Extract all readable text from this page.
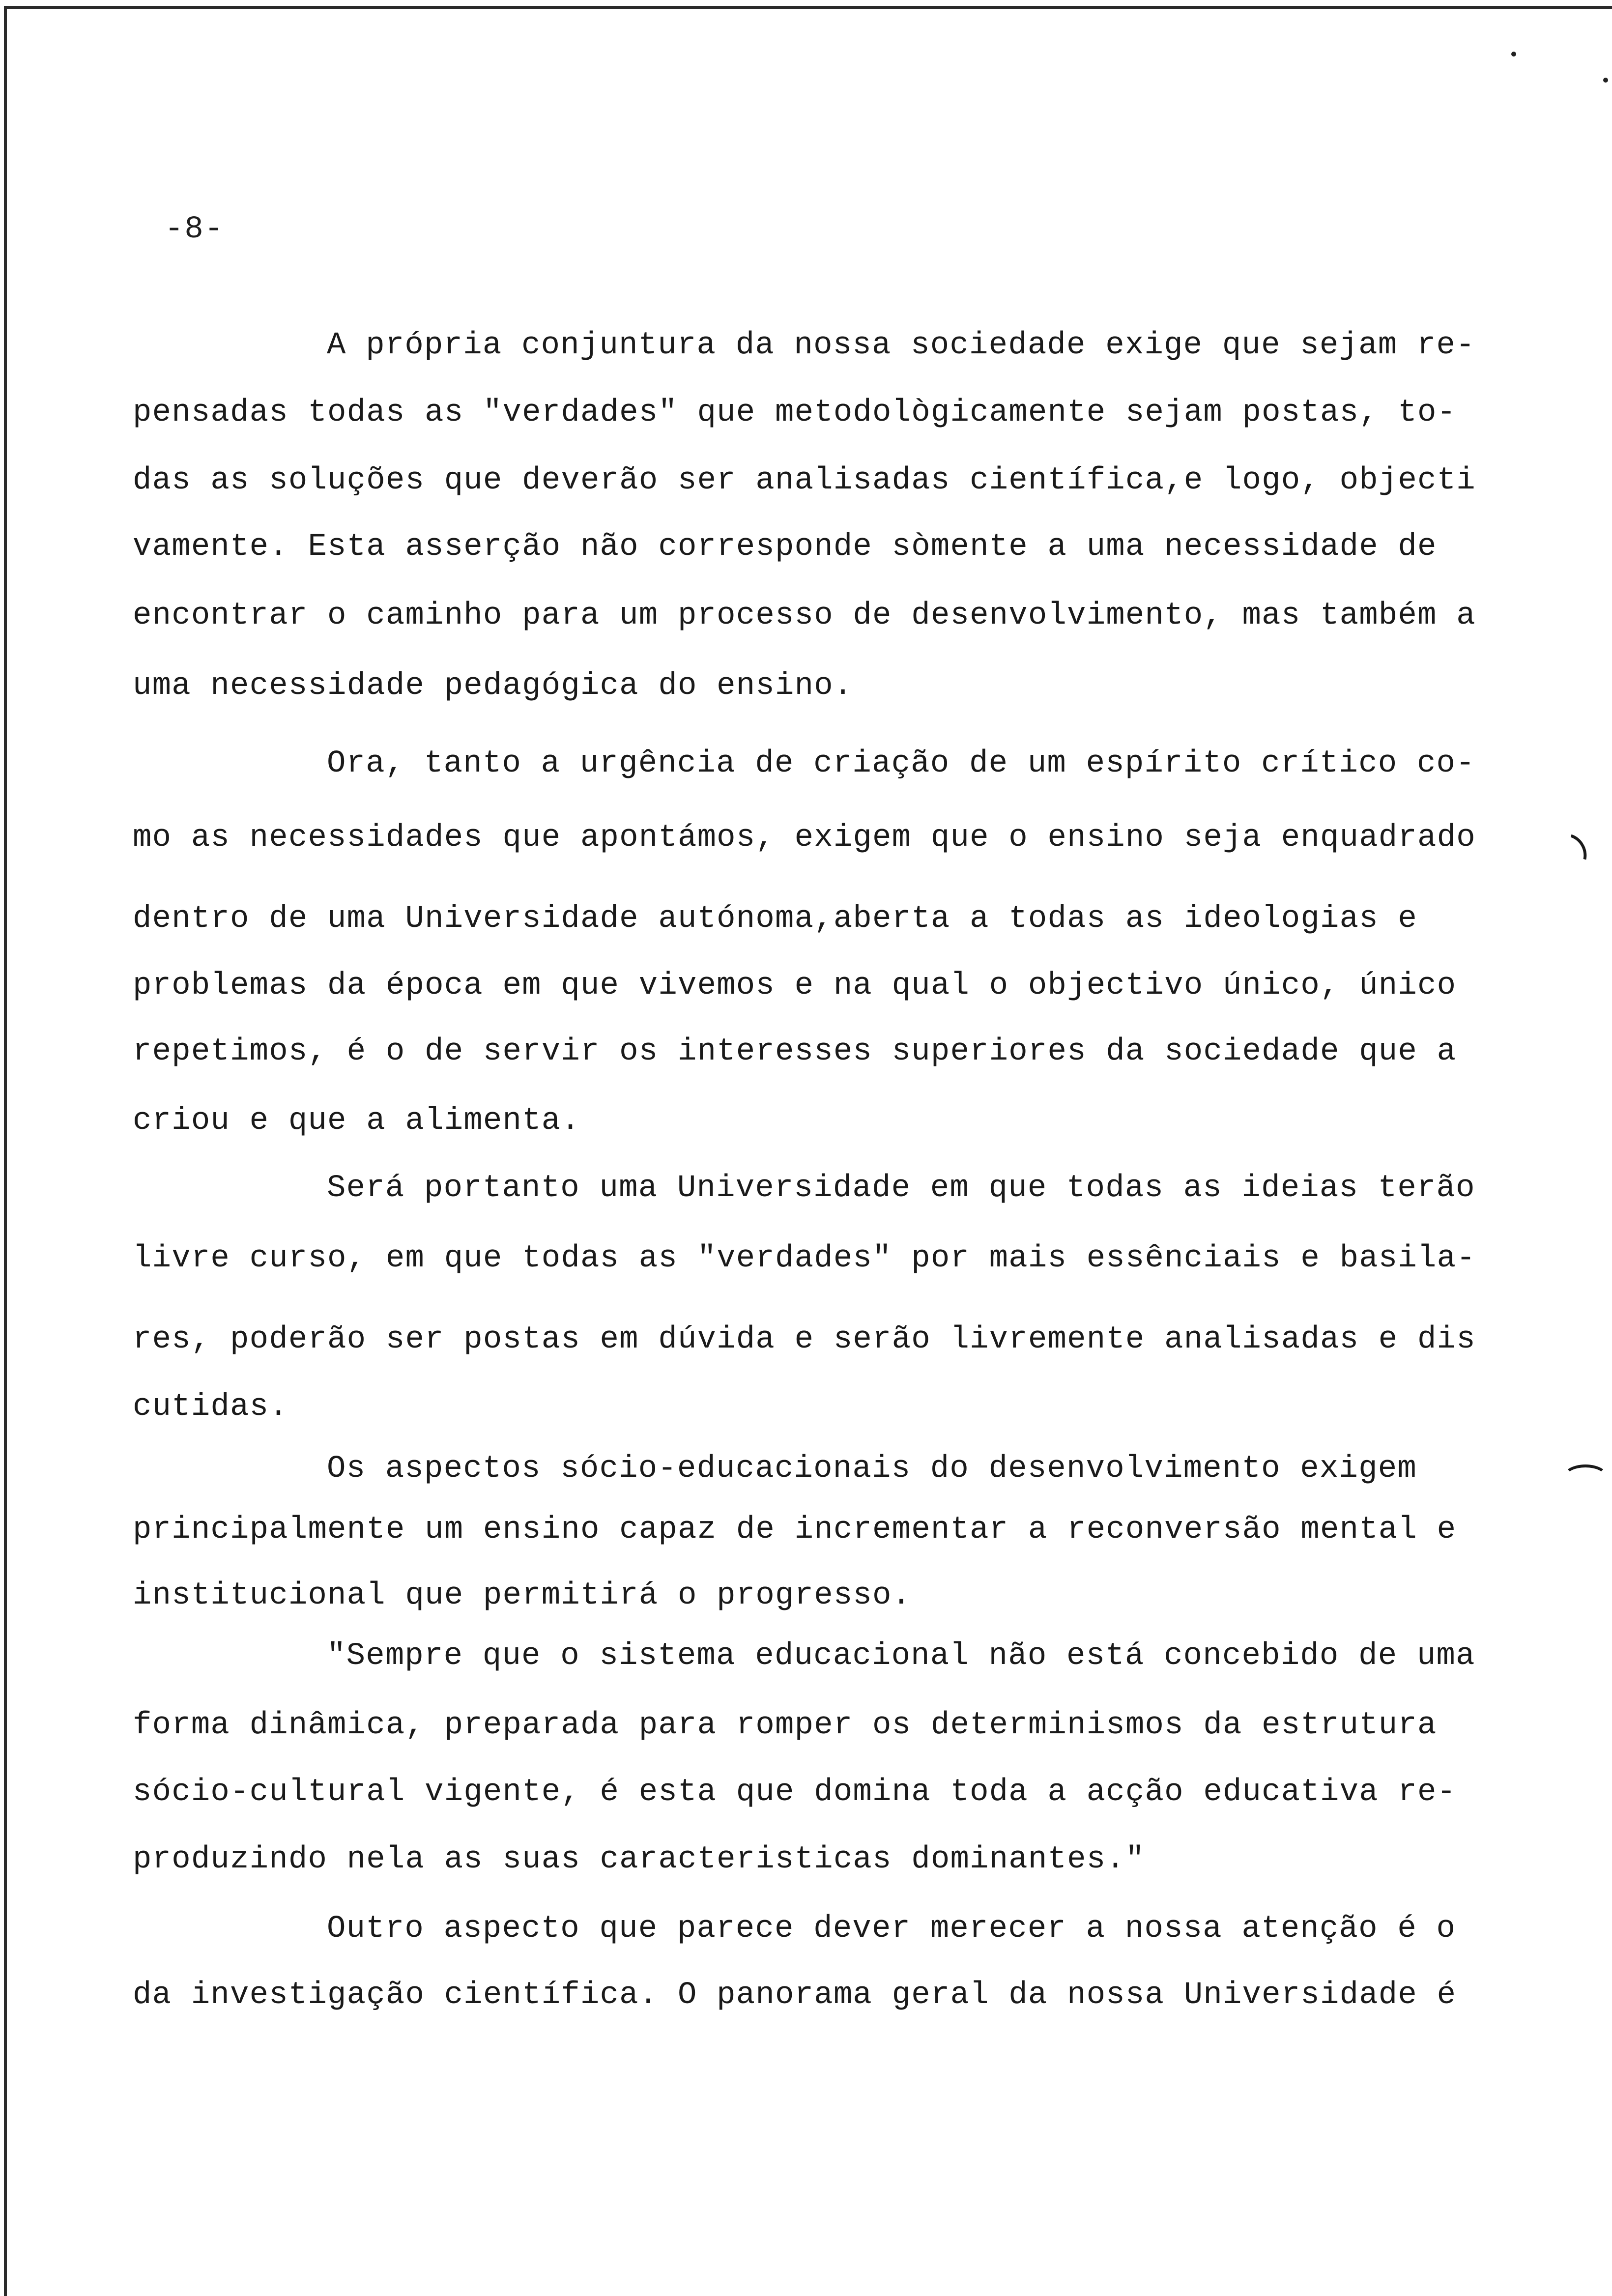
-8-
A própria conjuntura da nossa sociedade exige que sejam re-
pensadas todas as "verdades" que metodològicamente sejam postas, to-
das as soluções que deverão ser analisadas científica,e logo, objecti
vamente. Esta asserção não corresponde sòmente a uma necessidade de
encontrar o caminho para um processo de desenvolvimento, mas também a
uma necessidade pedagógica do ensino.
Ora, tanto a urgência de criação de um espírito crítico co-
mo as necessidades que apontámos, exigem que o ensino seja enquadrado
dentro de uma Universidade autónoma,aberta a todas as ideologias e
problemas da época em que vivemos e na qual o objectivo único, único
repetimos, é o de servir os interesses superiores da sociedade que a
criou e que a alimenta.
Será portanto uma Universidade em que todas as ideias terão
livre curso, em que todas as "verdades" por mais essênciais e basila-
res, poderão ser postas em dúvida e serão livremente analisadas e dis
cutidas.
Os aspectos sócio-educacionais do desenvolvimento exigem
principalmente um ensino capaz de incrementar a reconversão mental e
institucional que permitirá o progresso.
"Sempre que o sistema educacional não está concebido de uma
forma dinâmica, preparada para romper os determinismos da estrutura
sócio-cultural vigente, é esta que domina toda a acção educativa re-
produzindo nela as suas caracteristicas dominantes."
Outro aspecto que parece dever merecer a nossa atenção é o
da investigação científica. O panorama geral da nossa Universidade é
